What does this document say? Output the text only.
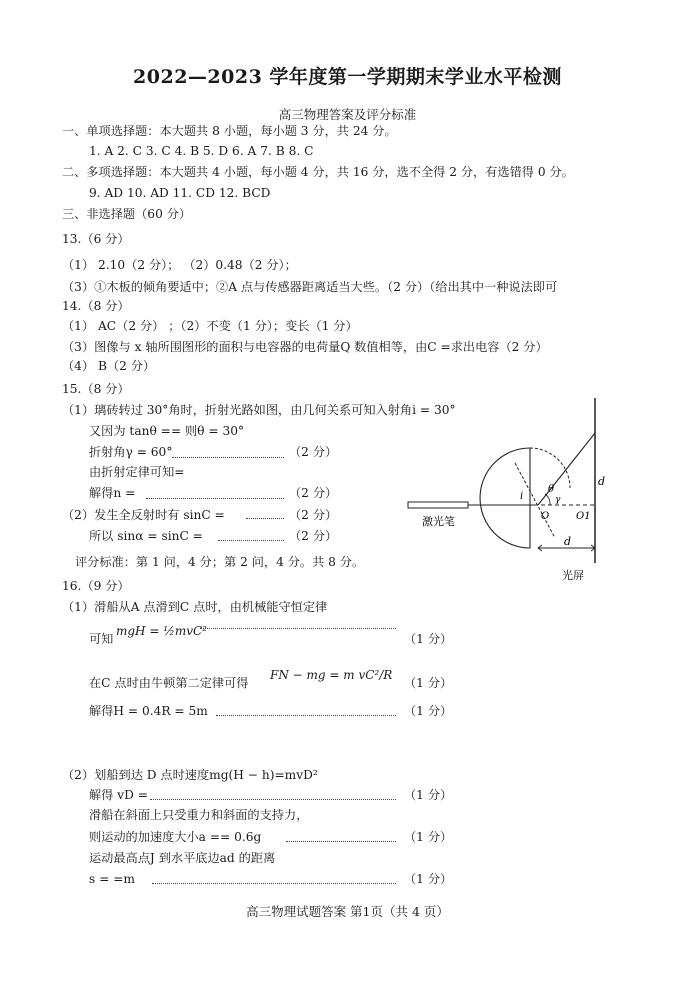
2022—2023 学年度第一学期期末学业水平检测
高三物理答案及评分标准
一、单项选择题：本大题共 8 小题，每小题 3 分，共 24 分。
1. A 2. C 3. C 4. B 5. D 6. A 7. B 8. C
二、多项选择题：本大题共 4 小题，每小题 4 分，共 16 分，选不全得 2 分，有选错得 0 分。
9. AD 10. AD 11. CD 12. BCD
三、非选择题（60 分）
13.（6 分）
（1） 2.10（2 分）； （2）0.48（2 分）；
（3）①木板的倾角要适中；②A 点与传感器距离适当大些。（2 分）（给出其中一种说法即可
14.（8 分）
（1） AC（2 分） ；（2）不变（1 分）；变长（1 分）
（3）图像与 x 轴所围图形的面积与电容器的电荷量Q 数值相等，由C =求出电容（2 分）
（4） B（2 分）
15.（8 分）
（1）璃砖转过 30°角时，折射光路如图，由几何关系可知入射角i = 30°
又因为 tanθ == 则θ = 30°
折射角γ = 60°	（2 分）
由折射定律可知=
解得n =	（2 分）
（2）发生全反射时有 sinC =	（2 分）
所以 sinα = sinC =	（2 分）
评分标准：第 1 问，4 分；第 2 问，4 分。共 8 分。
激光笔
光屏
d
d
i
θ
γ
O	O1
16.（9 分）
（1）滑船从A 点滑到C 点时，由机械能守恒定律
可知
mgH = ½mvC²
（1 分）
在C 点时由牛顿第二定律可得
FN − mg = m vC²/R
（1 分）
解得H = 0.4R = 5m	（1 分）
（2）划船到达 D 点时速度mg(H − h)=mvD²
解得 vD =	（1 分）
滑船在斜面上只受重力和斜面的支持力，
则运动的加速度大小a == 0.6g	（1 分）
运动最高点J 到水平底边ad 的距离
s = =m	（1 分）
高三物理试题答案 第1页（共 4 页）
